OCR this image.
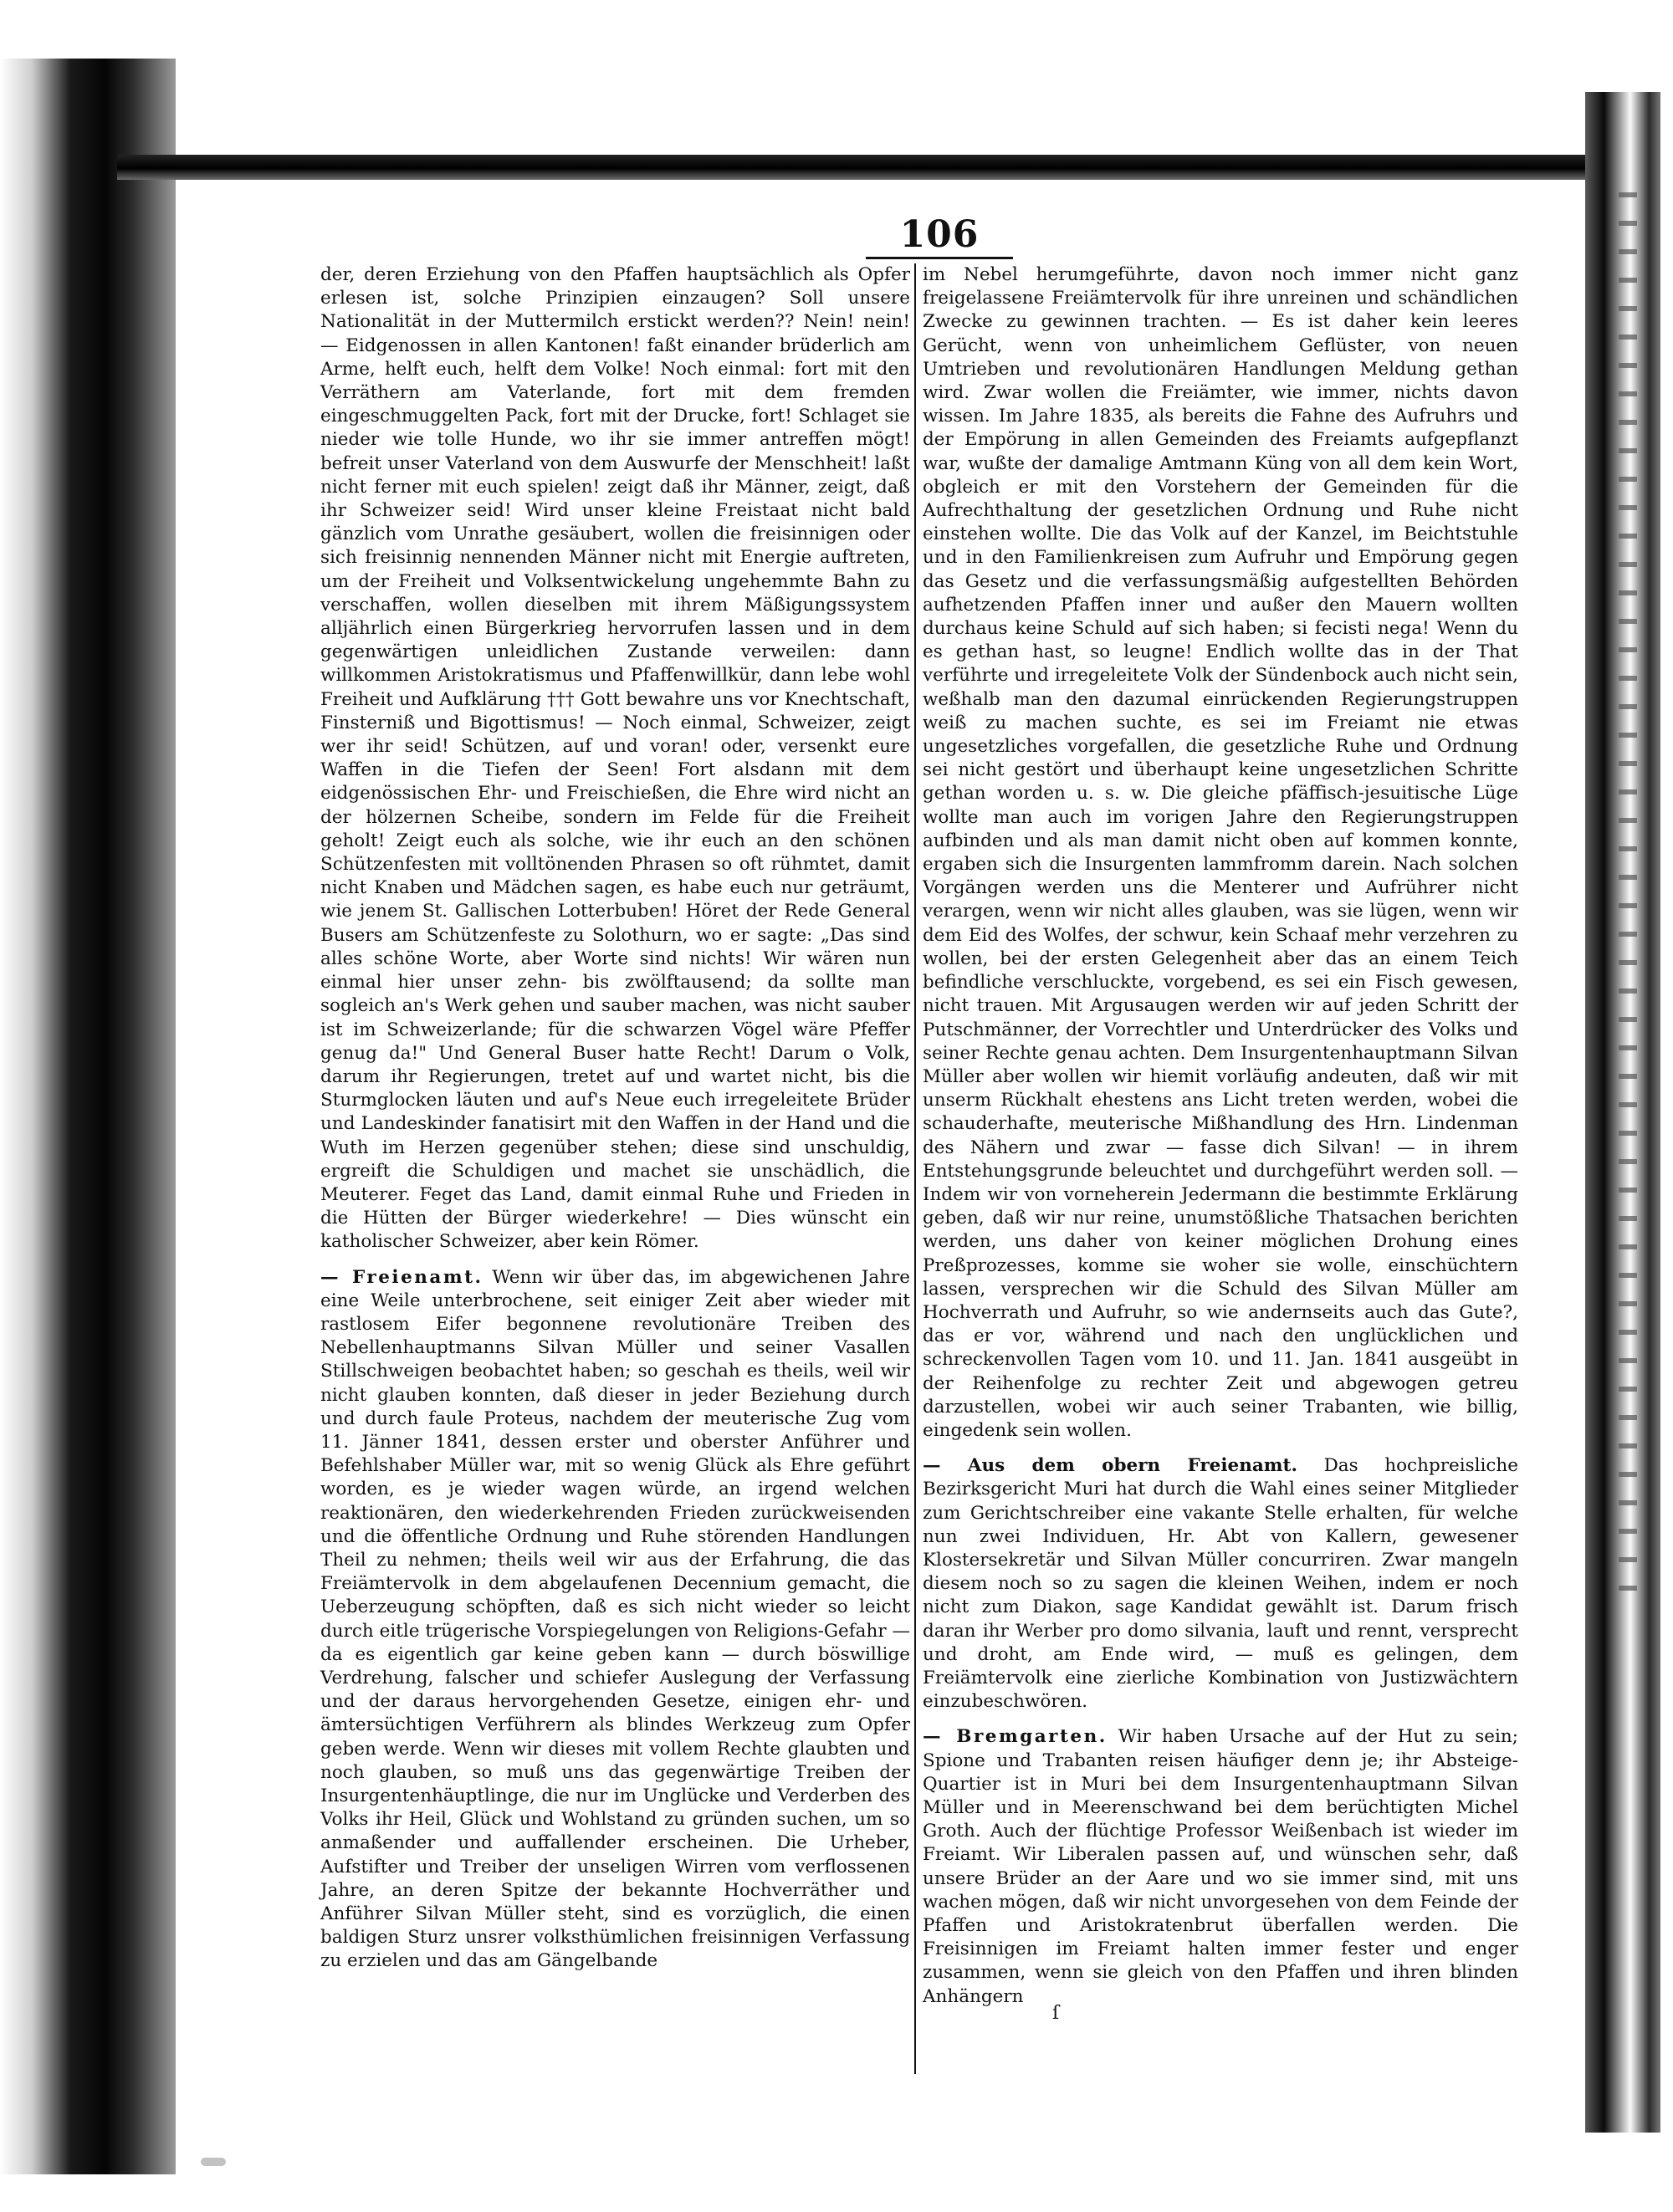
106

der, deren Erziehung von den Pfaffen hauptsächlich als Opfer erlesen ist, solche Prinzipien einzaugen? Soll unsere Nationalität in der Muttermilch erstickt werden?? Nein! nein! — Eidgenossen in allen Kantonen! faßt einander brüderlich am Arme, helft euch, helft dem Volke! Noch einmal: fort mit den Verräthern am Vaterlande, fort mit dem fremden eingeschmuggelten Pack, fort mit der Drucke, fort! Schlaget sie nieder wie tolle Hunde, wo ihr sie immer antreffen mögt! befreit unser Vaterland von dem Auswurfe der Menschheit! laßt nicht ferner mit euch spielen! zeigt daß ihr Männer, zeigt, daß ihr Schweizer seid! Wird unser kleine Freistaat nicht bald gänzlich vom Unrathe gesäubert, wollen die freisinnigen oder sich freisinnig nennenden Männer nicht mit Energie auftreten, um der Freiheit und Volksentwickelung ungehemmte Bahn zu verschaffen, wollen dieselben mit ihrem Mäßigungssystem alljährlich einen Bürgerkrieg hervorrufen lassen und in dem gegenwärtigen unleidlichen Zustande verweilen: dann willkommen Aristokratismus und Pfaffenwillkür, dann lebe wohl Freiheit und Aufklärung ††† Gott bewahre uns vor Knechtschaft, Finsterniß und Bigottismus! — Noch einmal, Schweizer, zeigt wer ihr seid! Schützen, auf und voran! oder, versenkt eure Waffen in die Tiefen der Seen! Fort alsdann mit dem eidgenössischen Ehr- und Freischießen, die Ehre wird nicht an der hölzernen Scheibe, sondern im Felde für die Freiheit geholt! Zeigt euch als solche, wie ihr euch an den schönen Schützenfesten mit volltönenden Phrasen so oft rühmtet, damit nicht Knaben und Mädchen sagen, es habe euch nur geträumt, wie jenem St. Gallischen Lotterbuben! Höret der Rede General Busers am Schützenfeste zu Solothurn, wo er sagte: „Das sind alles schöne Worte, aber Worte sind nichts! Wir wären nun einmal hier unser zehn- bis zwölftausend; da sollte man sogleich an's Werk gehen und sauber machen, was nicht sauber ist im Schweizerlande; für die schwarzen Vögel wäre Pfeffer genug da!" Und General Buser hatte Recht! Darum o Volk, darum ihr Regierungen, tretet auf und wartet nicht, bis die Sturmglocken läuten und auf's Neue euch irregeleitete Brüder und Landeskinder fanatisirt mit den Waffen in der Hand und die Wuth im Herzen gegenüber stehen; diese sind unschuldig, ergreift die Schuldigen und machet sie unschädlich, die Meuterer. Feget das Land, damit einmal Ruhe und Frieden in die Hütten der Bürger wiederkehre! — Dies wünscht ein katholischer Schweizer, aber kein Römer.

— Freienamt. Wenn wir über das, im abgewichenen Jahre eine Weile unterbrochene, seit einiger Zeit aber wieder mit rastlosem Eifer begonnene revolutionäre Treiben des Nebellenhauptmanns Silvan Müller und seiner Vasallen Stillschweigen beobachtet haben; so geschah es theils, weil wir nicht glauben konnten, daß dieser in jeder Beziehung durch und durch faule Proteus, nachdem der meuterische Zug vom 11. Jänner 1841, dessen erster und oberster Anführer und Befehlshaber Müller war, mit so wenig Glück als Ehre geführt worden, es je wieder wagen würde, an irgend welchen reaktionären, den wiederkehrenden Frieden zurückweisenden und die öffentliche Ordnung und Ruhe störenden Handlungen Theil zu nehmen; theils weil wir aus der Erfahrung, die das Freiämtervolk in dem abgelaufenen Decennium gemacht, die Ueberzeugung schöpften, daß es sich nicht wieder so leicht durch eitle trügerische Vorspiegelungen von Religions-Gefahr — da es eigentlich gar keine geben kann — durch böswillige Verdrehung, falscher und schiefer Auslegung der Verfassung und der daraus hervorgehenden Gesetze, einigen ehr- und ämtersüchtigen Verführern als blindes Werkzeug zum Opfer geben werde. Wenn wir dieses mit vollem Rechte glaubten und noch glauben, so muß uns das gegenwärtige Treiben der Insurgentenhäuptlinge, die nur im Unglücke und Verderben des Volks ihr Heil, Glück und Wohlstand zu gründen suchen, um so anmaßender und auffallender erscheinen. Die Urheber, Aufstifter und Treiber der unseligen Wirren vom verflossenen Jahre, an deren Spitze der bekannte Hochverräther und Anführer Silvan Müller steht, sind es vorzüglich, die einen baldigen Sturz unsrer volksthümlichen freisinnigen Verfassung zu erzielen und das am Gängelbande

im Nebel herumgeführte, davon noch immer nicht ganz freigelassene Freiämtervolk für ihre unreinen und schändlichen Zwecke zu gewinnen trachten. — Es ist daher kein leeres Gerücht, wenn von unheimlichem Geflüster, von neuen Umtrieben und revolutionären Handlungen Meldung gethan wird. Zwar wollen die Freiämter, wie immer, nichts davon wissen. Im Jahre 1835, als bereits die Fahne des Aufruhrs und der Empörung in allen Gemeinden des Freiamts aufgepflanzt war, wußte der damalige Amtmann Küng von all dem kein Wort, obgleich er mit den Vorstehern der Gemeinden für die Aufrechthaltung der gesetzlichen Ordnung und Ruhe nicht einstehen wollte. Die das Volk auf der Kanzel, im Beichtstuhle und in den Familienkreisen zum Aufruhr und Empörung gegen das Gesetz und die verfassungsmäßig aufgestellten Behörden aufhetzenden Pfaffen inner und außer den Mauern wollten durchaus keine Schuld auf sich haben; si fecisti nega! Wenn du es gethan hast, so leugne! Endlich wollte das in der That verführte und irregeleitete Volk der Sündenbock auch nicht sein, weßhalb man den dazumal einrückenden Regierungstruppen weiß zu machen suchte, es sei im Freiamt nie etwas ungesetzliches vorgefallen, die gesetzliche Ruhe und Ordnung sei nicht gestört und überhaupt keine ungesetzlichen Schritte gethan worden u. s. w. Die gleiche pfäffisch-jesuitische Lüge wollte man auch im vorigen Jahre den Regierungstruppen aufbinden und als man damit nicht oben auf kommen konnte, ergaben sich die Insurgenten lammfromm darein. Nach solchen Vorgängen werden uns die Menterer und Aufrührer nicht verargen, wenn wir nicht alles glauben, was sie lügen, wenn wir dem Eid des Wolfes, der schwur, kein Schaaf mehr verzehren zu wollen, bei der ersten Gelegenheit aber das an einem Teich befindliche verschluckte, vorgebend, es sei ein Fisch gewesen, nicht trauen. Mit Argusaugen werden wir auf jeden Schritt der Putschmänner, der Vorrechtler und Unterdrücker des Volks und seiner Rechte genau achten. Dem Insurgentenhauptmann Silvan Müller aber wollen wir hiemit vorläufig andeuten, daß wir mit unserm Rückhalt ehestens ans Licht treten werden, wobei die schauderhafte, meuterische Mißhandlung des Hrn. Lindenman des Nähern und zwar — fasse dich Silvan! — in ihrem Entstehungsgrunde beleuchtet und durchgeführt werden soll. — Indem wir von vorneherein Jedermann die bestimmte Erklärung geben, daß wir nur reine, unumstößliche Thatsachen berichten werden, uns daher von keiner möglichen Drohung eines Preßprozesses, komme sie woher sie wolle, einschüchtern lassen, versprechen wir die Schuld des Silvan Müller am Hochverrath und Aufruhr, so wie andernseits auch das Gute?, das er vor, während und nach den unglücklichen und schreckenvollen Tagen vom 10. und 11. Jan. 1841 ausgeübt in der Reihenfolge zu rechter Zeit und abgewogen getreu darzustellen, wobei wir auch seiner Trabanten, wie billig, eingedenk sein wollen.

— Aus dem obern Freienamt. Das hochpreisliche Bezirksgericht Muri hat durch die Wahl eines seiner Mitglieder zum Gerichtschreiber eine vakante Stelle erhalten, für welche nun zwei Individuen, Hr. Abt von Kallern, gewesener Klostersekretär und Silvan Müller concurriren. Zwar mangeln diesem noch so zu sagen die kleinen Weihen, indem er noch nicht zum Diakon, sage Kandidat gewählt ist. Darum frisch daran ihr Werber pro domo silvania, lauft und rennt, versprecht und droht, am Ende wird, — muß es gelingen, dem Freiämtervolk eine zierliche Kombination von Justizwächtern einzubeschwören.

— Bremgarten. Wir haben Ursache auf der Hut zu sein; Spione und Trabanten reisen häufiger denn je; ihr Absteige-Quartier ist in Muri bei dem Insurgentenhauptmann Silvan Müller und in Meerenschwand bei dem berüchtigten Michel Groth. Auch der flüchtige Professor Weißenbach ist wieder im Freiamt. Wir Liberalen passen auf, und wünschen sehr, daß unsere Brüder an der Aare und wo sie immer sind, mit uns wachen mögen, daß wir nicht unvorgesehen von dem Feinde der Pfaffen und Aristokratenbrut überfallen werden. Die Freisinnigen im Freiamt halten immer fester und enger zusammen, wenn sie gleich von den Pfaffen und ihren blinden Anhängern

ſ
